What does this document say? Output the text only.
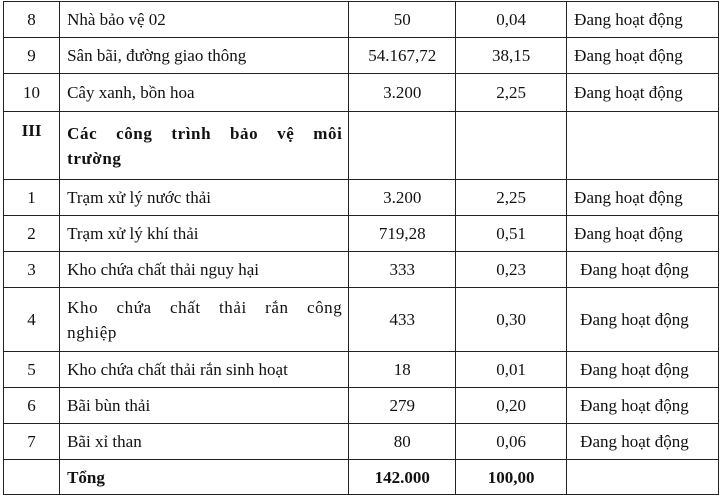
8	Nhà bảo vệ 02	50	0,04	Đang hoạt động
9	Sân bãi, đường giao thông	54.167,72	38,15	Đang hoạt động
10	Cây xanh, bồn hoa	3.200	2,25	Đang hoạt động
III	Các công trình bảo vệ môi trường			
1	Trạm xử lý nước thải	3.200	2,25	Đang hoạt động
2	Trạm xử lý khí thải	719,28	0,51	Đang hoạt động
3	Kho chứa chất thải nguy hại	333	0,23	Đang hoạt động
4	Kho chứa chất thải rắn công nghiệp	433	0,30	Đang hoạt động
5	Kho chứa chất thải rắn sinh hoạt	18	0,01	Đang hoạt động
6	Bãi bùn thải	279	0,20	Đang hoạt động
7	Bãi xỉ than	80	0,06	Đang hoạt động
	Tổng	142.000	100,00	
